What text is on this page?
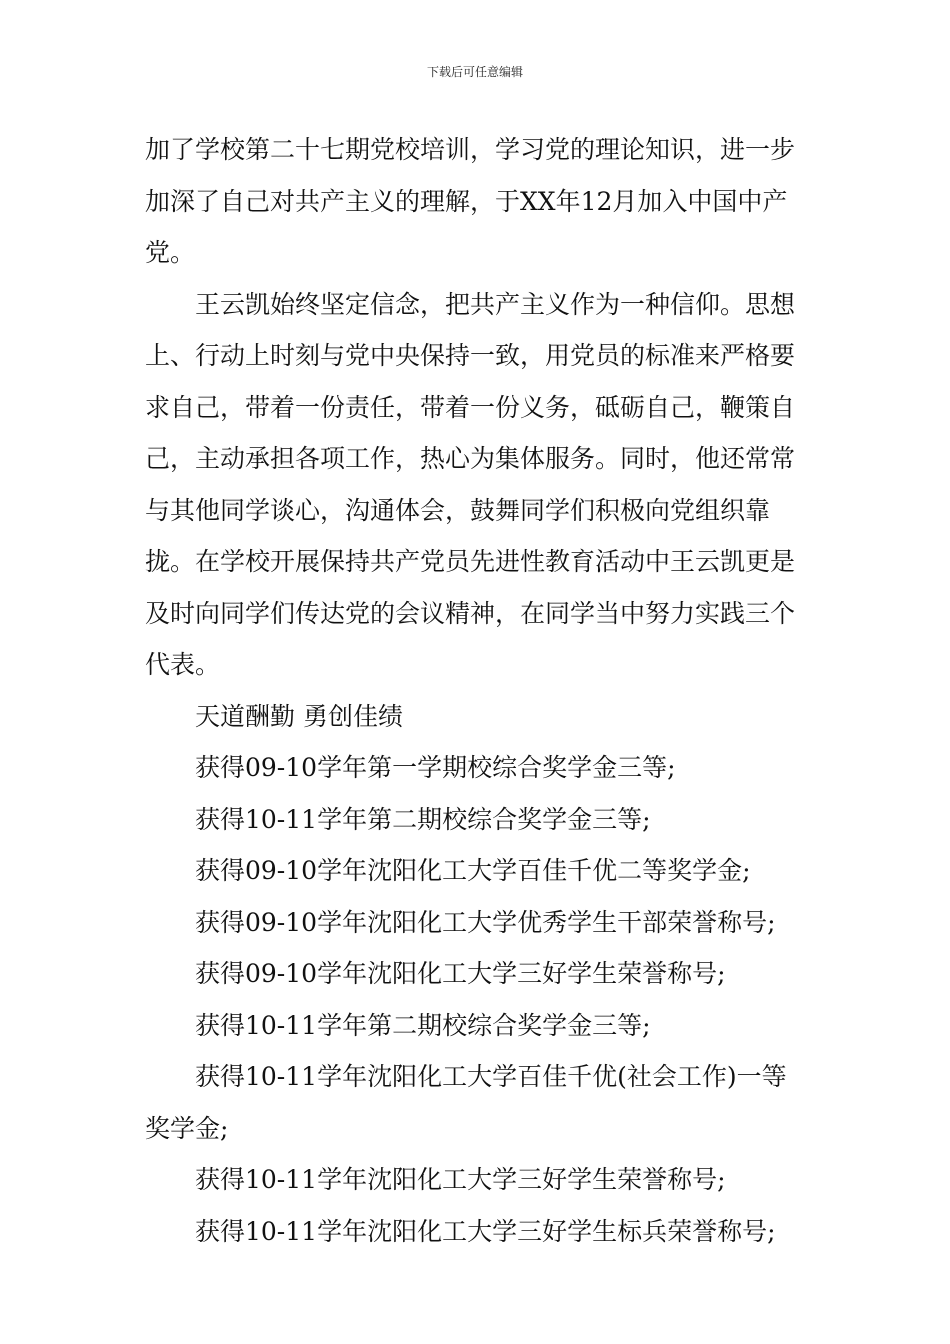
下载后可任意编辑

加了学校第二十七期党校培训，学习党的理论知识，进一步加深了自己对共产主义的理解，于XX年12月加入中国中产党。

王云凯始终坚定信念，把共产主义作为一种信仰。思想上、行动上时刻与党中央保持一致，用党员的标准来严格要求自己，带着一份责任，带着一份义务，砥砺自己，鞭策自己，主动承担各项工作，热心为集体服务。同时，他还常常与其他同学谈心，沟通体会，鼓舞同学们积极向党组织靠拢。在学校开展保持共产党员先进性教育活动中王云凯更是及时向同学们传达党的会议精神，在同学当中努力实践三个代表。

天道酬勤 勇创佳绩

获得09-10学年第一学期校综合奖学金三等;

获得10-11学年第二期校综合奖学金三等;

获得09-10学年沈阳化工大学百佳千优二等奖学金;

获得09-10学年沈阳化工大学优秀学生干部荣誉称号;

获得09-10学年沈阳化工大学三好学生荣誉称号;

获得10-11学年第二期校综合奖学金三等;

获得10-11学年沈阳化工大学百佳千优(社会工作)一等奖学金;

获得10-11学年沈阳化工大学三好学生荣誉称号;

获得10-11学年沈阳化工大学三好学生标兵荣誉称号;
